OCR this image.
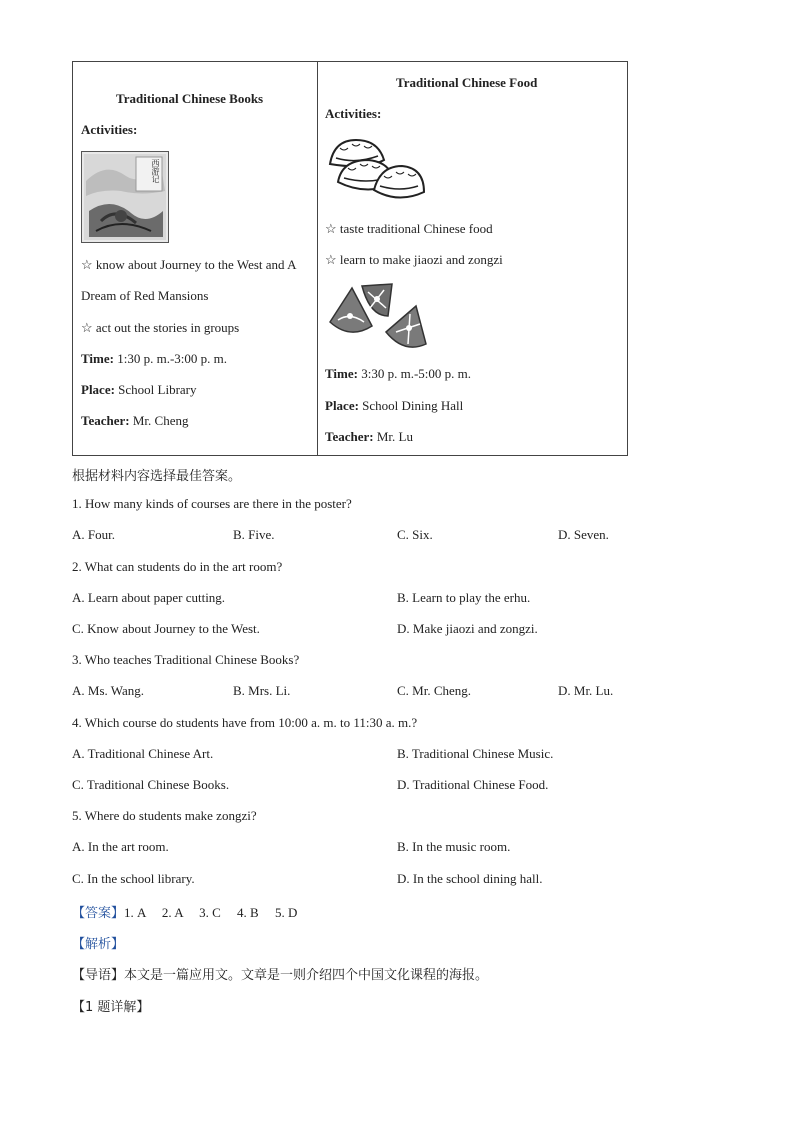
Traditional Chinese Books
Activities:
西游记
☆ know about Journey to the West and A
Dream of Red Mansions
☆ act out the stories in groups
Time: 1:30 p. m.-3:00 p. m.
Place: School Library
Teacher: Mr. Cheng
Traditional Chinese Food
Activities:
☆ taste traditional Chinese food
☆ learn to make jiaozi and zongzi
Time: 3:30 p. m.-5:00 p. m.
Place: School Dining Hall
Teacher: Mr. Lu
根据材料内容选择最佳答案。
1. How many kinds of courses are there in the poster?
A. Four.	B. Five.	C. Six.	D. Seven.
2. What can students do in the art room?
A. Learn about paper cutting.	B. Learn to play the erhu.
C. Know about Journey to the West.	D. Make jiaozi and zongzi.
3. Who teaches Traditional Chinese Books?
A. Ms. Wang.	B. Mrs. Li.	C. Mr. Cheng.	D. Mr. Lu.
4. Which course do students have from 10:00 a. m. to 11:30 a. m.?
A. Traditional Chinese Art.	B. Traditional Chinese Music.
C. Traditional Chinese Books.	D. Traditional Chinese Food.
5. Where do students make zongzi?
A. In the art room.	B. In the music room.
C. In the school library.	D. In the school dining hall.
【答案】1. A     2. A     3. C     4. B     5. D
【解析】
【导语】本文是一篇应用文。文章是一则介绍四个中国文化课程的海报。
【1 题详解】
